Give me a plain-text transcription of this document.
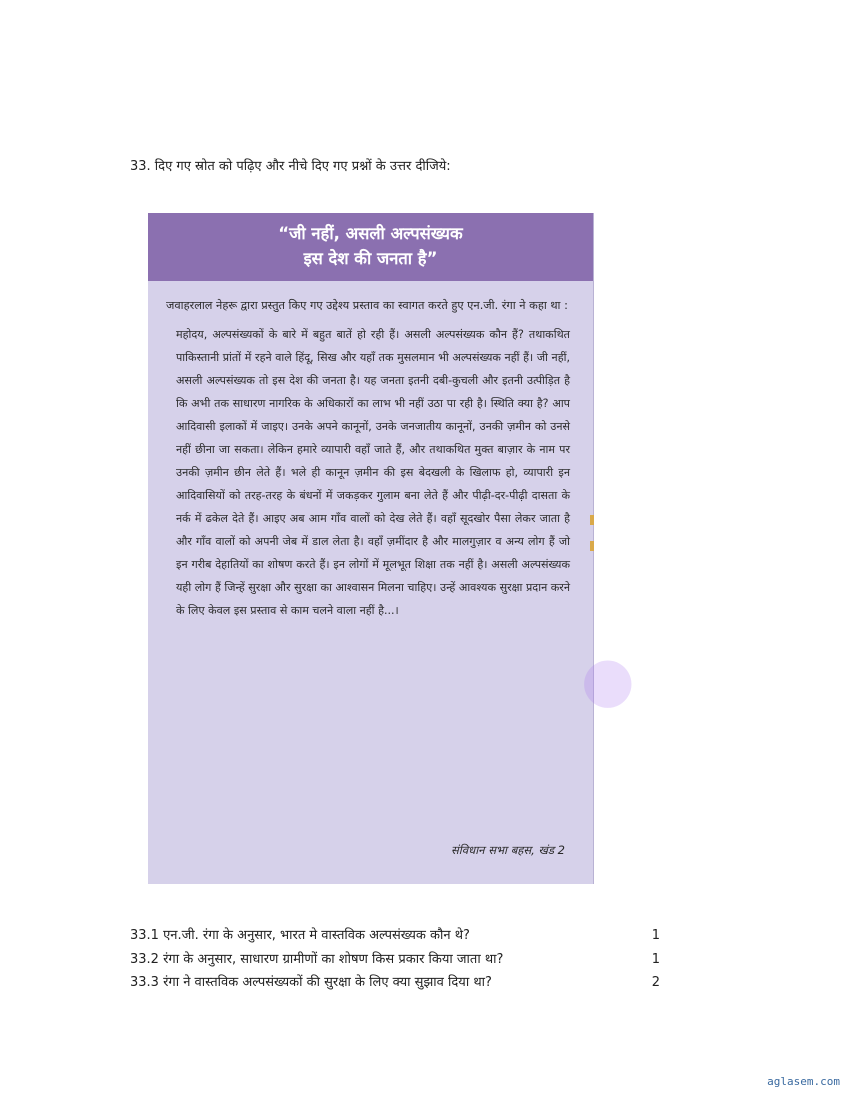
33. दिए गए स्रोत को पढ़िए और नीचे दिए गए प्रश्नों के उत्तर दीजिये:
“जी नहीं, असली अल्पसंख्यक
इस देश की जनता है”
जवाहरलाल नेहरू द्वारा प्रस्तुत किए गए उद्देश्य प्रस्ताव का स्वागत करते हुए एन.जी. रंगा ने कहा था :
महोदय, अल्पसंख्यकों के बारे में बहुत बातें हो रही हैं। असली अल्पसंख्यक कौन हैं? तथाकथित पाकिस्तानी प्रांतों में रहने वाले हिंदू, सिख और यहाँ तक मुसलमान भी अल्पसंख्यक नहीं हैं। जी नहीं, असली अल्पसंख्यक तो इस देश की जनता है। यह जनता इतनी दबी-कुचली और इतनी उत्पीड़ित है कि अभी तक साधारण नागरिक के अधिकारों का लाभ भी नहीं उठा पा रही है। स्थिति क्या है? आप आदिवासी इलाकों में जाइए। उनके अपने कानूनों, उनके जनजातीय कानूनों, उनकी ज़मीन को उनसे नहीं छीना जा सकता। लेकिन हमारे व्यापारी वहाँ जाते हैं, और तथाकथित मुक्त बाज़ार के नाम पर उनकी ज़मीन छीन लेते हैं। भले ही कानून ज़मीन की इस बेदखली के खिलाफ हो, व्यापारी इन आदिवासियों को तरह-तरह के बंधनों में जकड़कर गुलाम बना लेते हैं और पीढ़ी-दर-पीढ़ी दासता के नर्क में ढकेल देते हैं। आइए अब आम गाँव वालों को देख लेते हैं। वहाँ सूदखोर पैसा लेकर जाता है और गाँव वालों को अपनी जेब में डाल लेता है। वहाँ ज़मींदार है और मालगुज़ार व अन्य लोग हैं जो इन गरीब देहातियों का शोषण करते हैं। इन लोगों में मूलभूत शिक्षा तक नहीं है। असली अल्पसंख्यक यही लोग हैं जिन्हें सुरक्षा और सुरक्षा का आश्वासन मिलना चाहिए। उन्हें आवश्यक सुरक्षा प्रदान करने के लिए केवल इस प्रस्ताव से काम चलने वाला नहीं है...।
संविधान सभा बहस, खंड 2
●
33.1 एन.जी. रंगा के अनुसार, भारत मे वास्तविक अल्पसंख्यक कौन थे?	1
33.2 रंगा के अनुसार, साधारण ग्रामीणों का शोषण किस प्रकार किया जाता था?	1
33.3 रंगा ने वास्तविक अल्पसंख्यकों की सुरक्षा के लिए क्या सुझाव दिया था?	2
aglasem.com
